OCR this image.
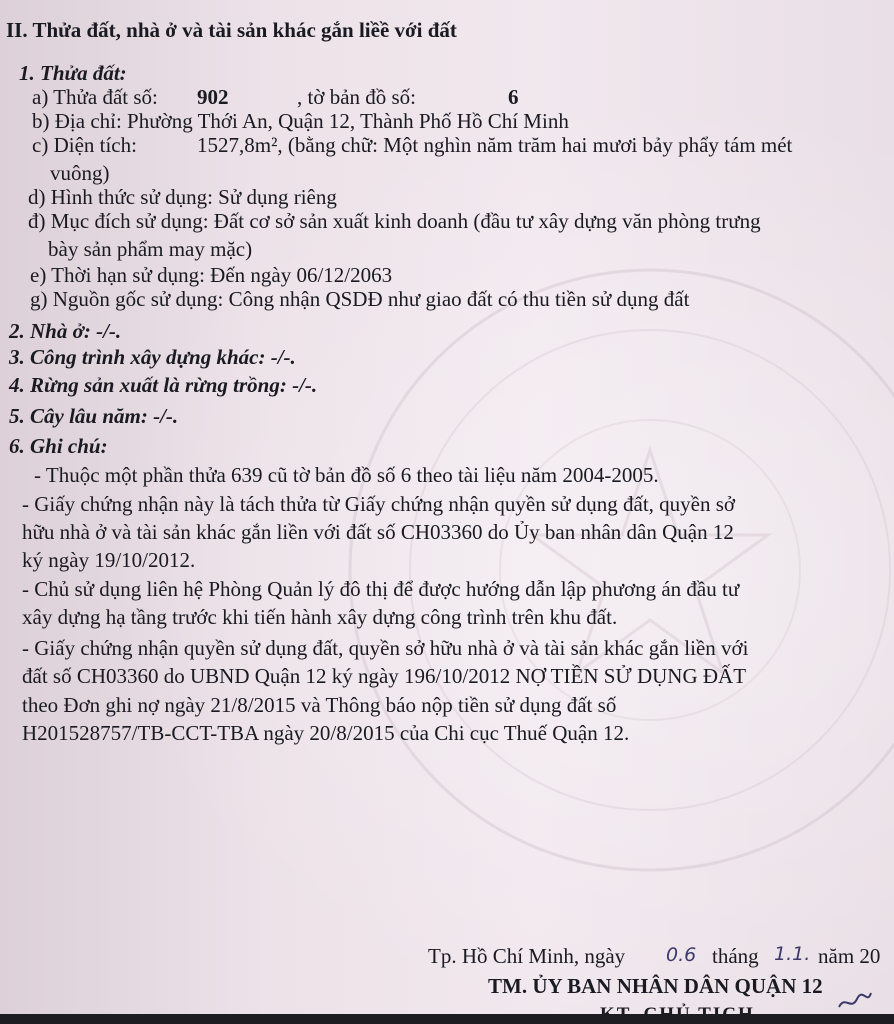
II. Thửa đất, nhà ở và tài sản khác gắn liềề với đất
1. Thửa đất:
a) Thửa đất số: 902	, tờ bản đồ số:	6
b) Địa chỉ: Phường Thới An, Quận 12, Thành Phố Hồ Chí Minh
c) Diện tích:	1527,8m², (bằng chữ: Một nghìn năm trăm hai mươi bảy phẩy tám mét
vuông)
d) Hình thức sử dụng: Sử dụng riêng
đ) Mục đích sử dụng: Đất cơ sở sản xuất kinh doanh (đầu tư xây dựng văn phòng trưng
bày sản phẩm may mặc)
e) Thời hạn sử dụng: Đến ngày 06/12/2063
g) Nguồn gốc sử dụng: Công nhận QSDĐ như giao đất có thu tiền sử dụng đất
2. Nhà ở: -/-.
3. Công trình xây dựng khác: -/-.
4. Rừng sản xuất là rừng trồng: -/-.
5. Cây lâu năm: -/-.
6. Ghi chú:
- Thuộc một phần thửa 639 cũ tờ bản đồ số 6 theo tài liệu năm 2004-2005.
- Giấy chứng nhận này là tách thửa từ Giấy chứng nhận quyền sử dụng đất, quyền sở
hữu nhà ở và tài sản khác gắn liền với đất số CH03360 do Ủy ban nhân dân Quận 12
ký ngày 19/10/2012.
- Chủ sử dụng liên hệ Phòng Quản lý đô thị để được hướng dẫn lập phương án đầu tư
xây dựng hạ tầng trước khi tiến hành xây dựng công trình trên khu đất.
- Giấy chứng nhận quyền sử dụng đất, quyền sở hữu nhà ở và tài sản khác gắn liền với
đất số CH03360 do UBND Quận 12 ký ngày 196/10/2012 NỢ TIỀN SỬ DỤNG ĐẤT
theo Đơn ghi nợ ngày 21/8/2015 và Thông báo nộp tiền sử dụng đất số
H201528757/TB-CCT-TBA ngày 20/8/2015 của Chi cục Thuế Quận 12.
Tp. Hồ Chí Minh, ngày 0.6 tháng 1.1. năm 20
TM. ỦY BAN NHÂN DÂN QUẬN 12
